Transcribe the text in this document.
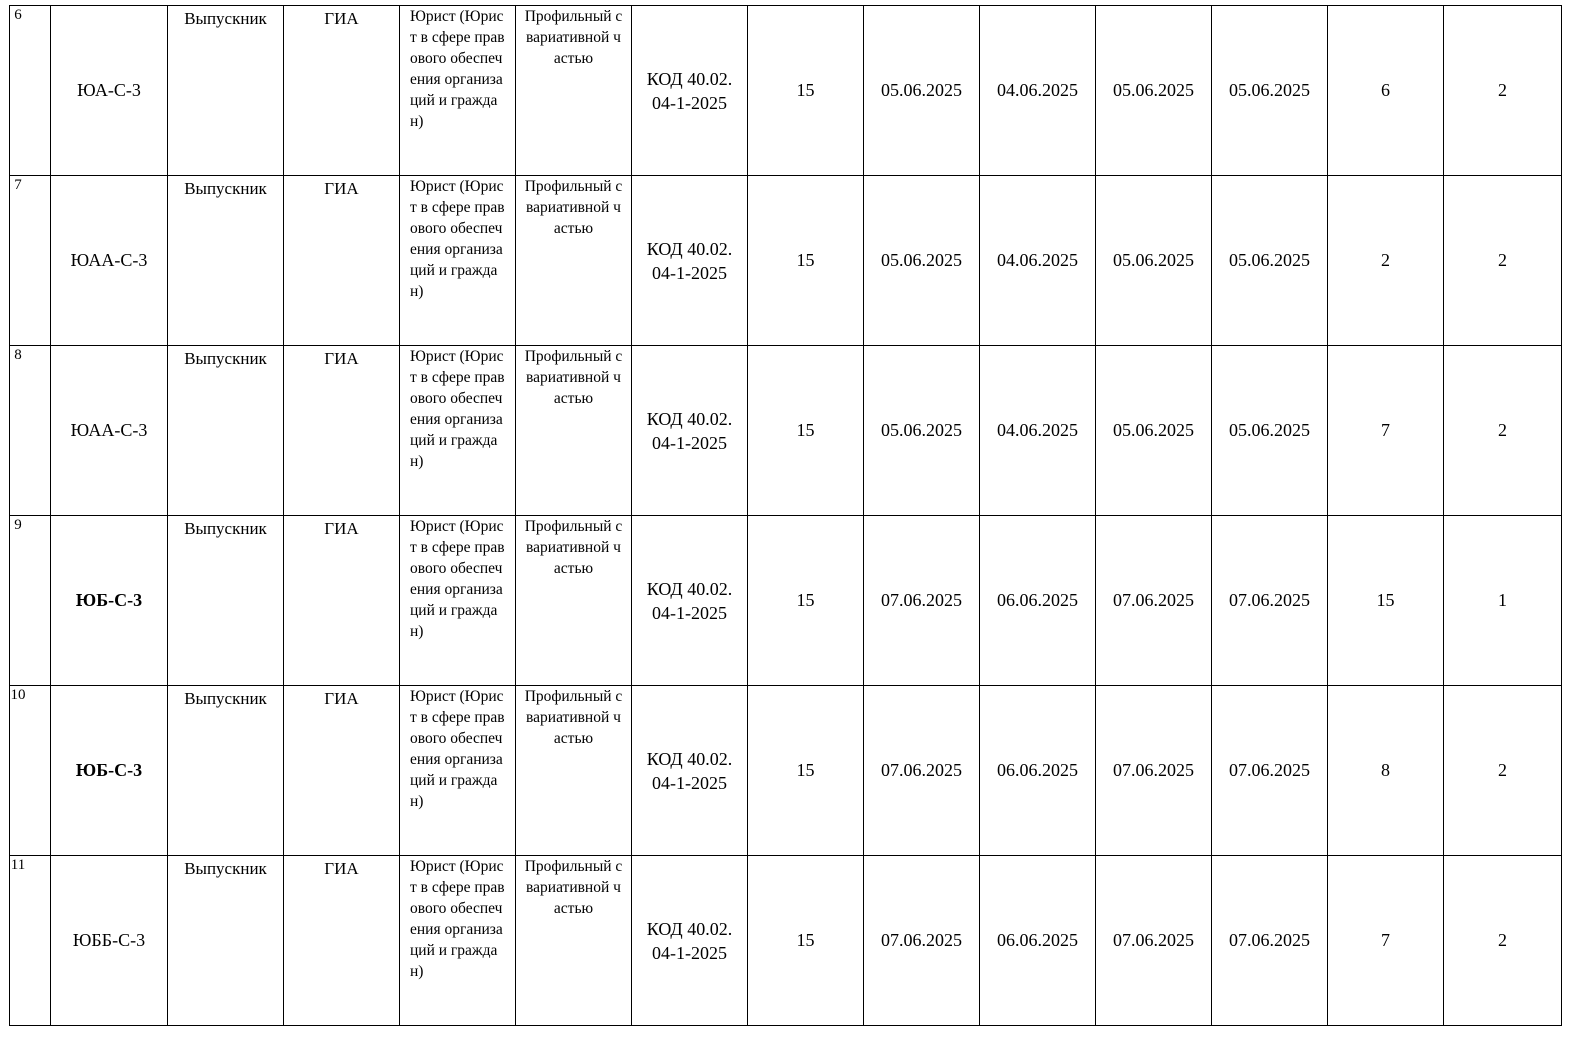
6	ЮА-С-3	Выпускник	ГИА	Юрист (Юрист в сфере правового обеспечения организаций и граждан)	Профильный с вариативной частью	КОД 40.02.04-1-2025	15	05.06.2025	04.06.2025	05.06.2025	05.06.2025	6	2

7	ЮАА-С-3	Выпускник	ГИА	Юрист (Юрист в сфере правового обеспечения организаций и граждан)	Профильный с вариативной частью	КОД 40.02.04-1-2025	15	05.06.2025	04.06.2025	05.06.2025	05.06.2025	2	2

8	ЮАА-С-3	Выпускник	ГИА	Юрист (Юрист в сфере правового обеспечения организаций и граждан)	Профильный с вариативной частью	КОД 40.02.04-1-2025	15	05.06.2025	04.06.2025	05.06.2025	05.06.2025	7	2

9	ЮБ-С-3	Выпускник	ГИА	Юрист (Юрист в сфере правового обеспечения организаций и граждан)	Профильный с вариативной частью	КОД 40.02.04-1-2025	15	07.06.2025	06.06.2025	07.06.2025	07.06.2025	15	1

10	ЮБ-С-3	Выпускник	ГИА	Юрист (Юрист в сфере правового обеспечения организаций и граждан)	Профильный с вариативной частью	КОД 40.02.04-1-2025	15	07.06.2025	06.06.2025	07.06.2025	07.06.2025	8	2

11	ЮББ-С-3	Выпускник	ГИА	Юрист (Юрист в сфере правового обеспечения организаций и граждан)	Профильный с вариативной частью	КОД 40.02.04-1-2025	15	07.06.2025	06.06.2025	07.06.2025	07.06.2025	7	2
